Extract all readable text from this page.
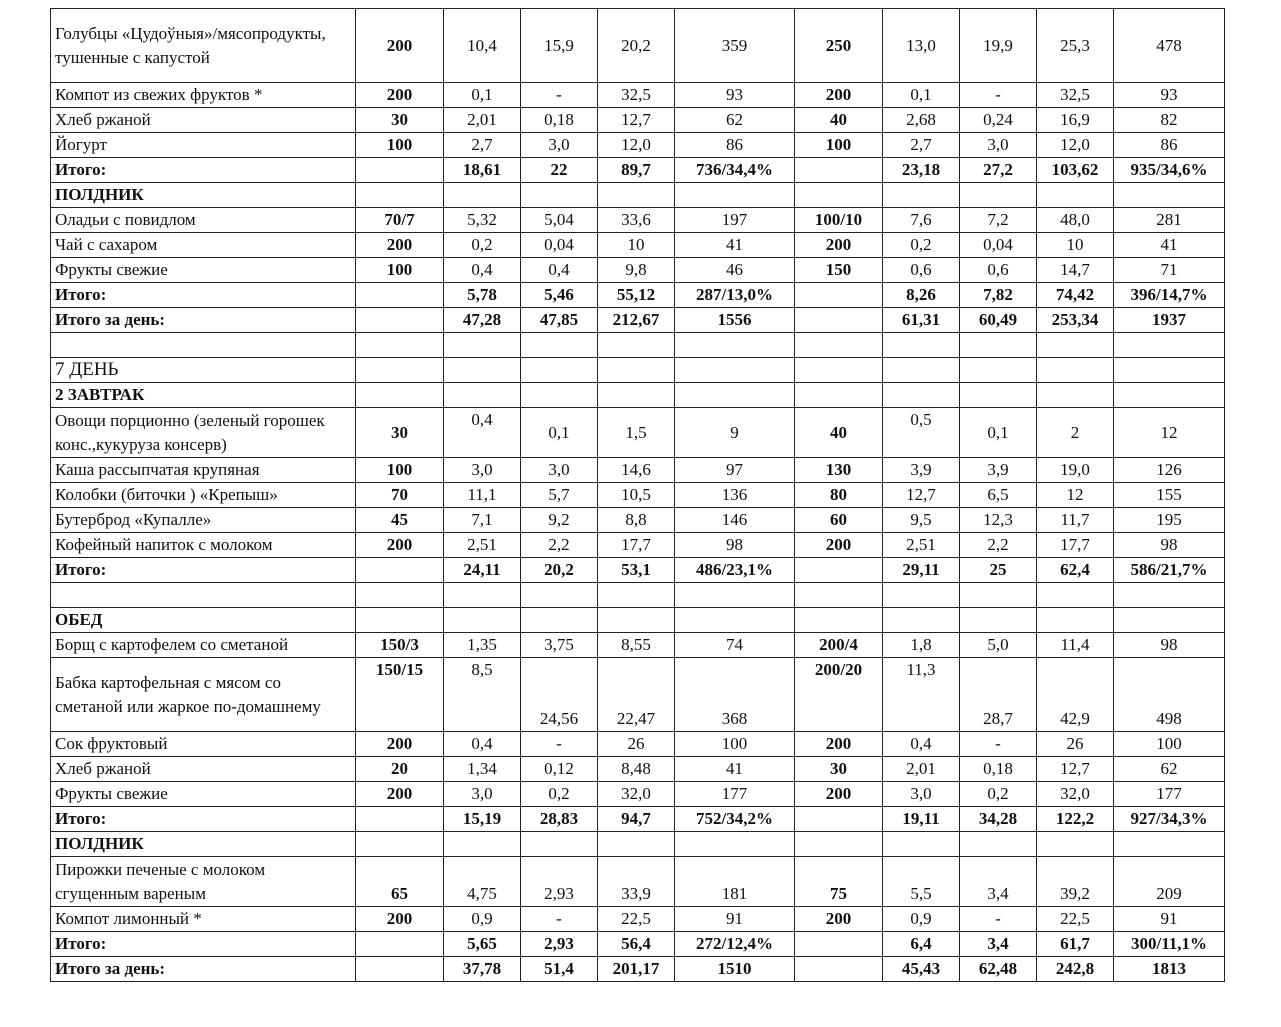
Голубцы «Цудоўныя»/мясопродукты, тушенные с капустой	200	10,4	15,9	20,2	359	250	13,0	19,9	25,3	478
Компот из свежих фруктов *	200	0,1	-	32,5	93	200	0,1	-	32,5	93
Хлеб ржаной	30	2,01	0,18	12,7	62	40	2,68	0,24	16,9	82
Йогурт	100	2,7	3,0	12,0	86	100	2,7	3,0	12,0	86
Итого:		18,61	22	89,7	736/34,4%		23,18	27,2	103,62	935/34,6%
ПОЛДНИК										
Оладьи с повидлом	70/7	5,32	5,04	33,6	197	100/10	7,6	7,2	48,0	281
Чай с сахаром	200	0,2	0,04	10	41	200	0,2	0,04	10	41
Фрукты свежие	100	0,4	0,4	9,8	46	150	0,6	0,6	14,7	71
Итого:		5,78	5,46	55,12	287/13,0%		8,26	7,82	74,42	396/14,7%
Итого за день:		47,28	47,85	212,67	1556		61,31	60,49	253,34	1937

7 ДЕНЬ										
2 ЗАВТРАК										
Овощи порционно (зеленый горошек конс.,кукуруза консерв)	30	0,4	0,1	1,5	9	40	0,5	0,1	2	12
Каша рассыпчатая крупяная	100	3,0	3,0	14,6	97	130	3,9	3,9	19,0	126
Колобки (биточки ) «Крепыш»	70	11,1	5,7	10,5	136	80	12,7	6,5	12	155
Бутерброд «Купалле»	45	7,1	9,2	8,8	146	60	9,5	12,3	11,7	195
Кофейный напиток с молоком	200	2,51	2,2	17,7	98	200	2,51	2,2	17,7	98
Итого:		24,11	20,2	53,1	486/23,1%		29,11	25	62,4	586/21,7%

ОБЕД										
Борщ с картофелем со сметаной	150/3	1,35	3,75	8,55	74	200/4	1,8	5,0	11,4	98
Бабка картофельная с мясом со сметаной или жаркое по-домашнему	150/15	8,5	24,56	22,47	368	200/20	11,3	28,7	42,9	498
Сок фруктовый	200	0,4	-	26	100	200	0,4	-	26	100
Хлеб ржаной	20	1,34	0,12	8,48	41	30	2,01	0,18	12,7	62
Фрукты свежие	200	3,0	0,2	32,0	177	200	3,0	0,2	32,0	177
Итого:		15,19	28,83	94,7	752/34,2%		19,11	34,28	122,2	927/34,3%
ПОЛДНИК										
Пирожки печеные с молоком сгущенным вареным	65	4,75	2,93	33,9	181	75	5,5	3,4	39,2	209
Компот лимонный *	200	0,9	-	22,5	91	200	0,9	-	22,5	91
Итого:		5,65	2,93	56,4	272/12,4%		6,4	3,4	61,7	300/11,1%
Итого за день:		37,78	51,4	201,17	1510		45,43	62,48	242,8	1813
